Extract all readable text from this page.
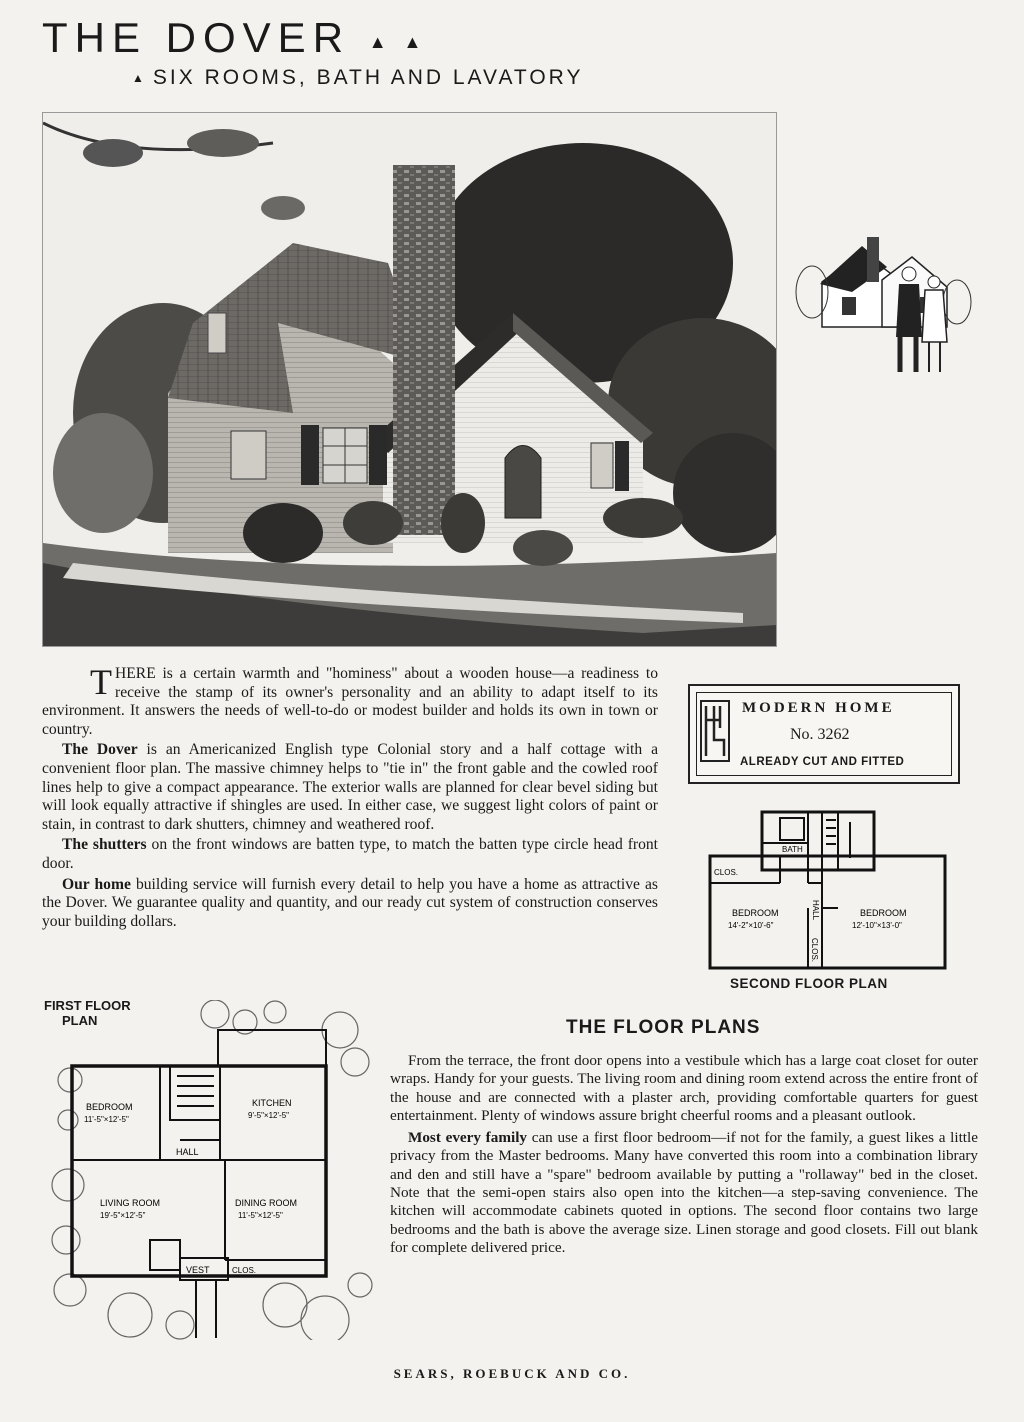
THE DOVER ▲ ▲
▲ SIX ROOMS, BATH AND LAVATORY

THERE is a certain warmth and "hominess" about a wooden house—a readiness to receive the stamp of its owner's personality and an ability to adapt itself to its environment. It answers the needs of well-to-do or modest builder and holds its own in town or country.

The Dover is an Americanized English type Colonial story and a half cottage with a convenient floor plan. The massive chimney helps to "tie in" the front gable and the cowled roof lines help to give a compact appearance. The exterior walls are planned for clear bevel siding but will look equally attractive if shingles are used. In either case, we suggest light colors of paint or stain, in contrast to dark shutters, chimney and weathered roof.

The shutters on the front windows are batten type, to match the batten type circle head front door.

Our home building service will furnish every detail to help you have a home as attractive as the Dover. We guarantee quality and quantity, and our ready cut system of construction conserves your building dollars.

MODERN HOME
No. 3262
ALREADY CUT AND FITTED
CLOS.
BATH
HALL
CLOS.
BEDROOM
14'-2"×10'-6"
BEDROOM
12'-10"×13'-0"
SECOND FLOOR PLAN
BEDROOM
11'-5"×12'-5"
KITCHEN
9'-5"×12'-5"
HALL
LIVING ROOM
19'-5"×12'-5"
DINING ROOM
11'-5"×12'-5"
VEST	CLOS.
FIRST FLOOR
PLAN	THE FLOOR PLANS

From the terrace, the front door opens into a vestibule which has a large coat closet for outer wraps. Handy for your guests. The living room and dining room extend across the entire front of the house and are connected with a plaster arch, providing comfortable quarters for guest entertainment. Plenty of windows assure bright cheerful rooms and a pleasant outlook.

Most every family can use a first floor bedroom—if not for the family, a guest likes a little privacy from the Master bedrooms. Many have converted this room into a combination library and den and still have a "spare" bedroom available by putting a "rollaway" bed in the closet. Note that the semi-open stairs also open into the kitchen—a step-saving convenience. The kitchen will accommodate cabinets quoted in options. The second floor contains two large bedrooms and the bath is above the average size. Linen storage and good closets. Fill out blank for complete delivered price.

SEARS, ROEBUCK AND CO.
